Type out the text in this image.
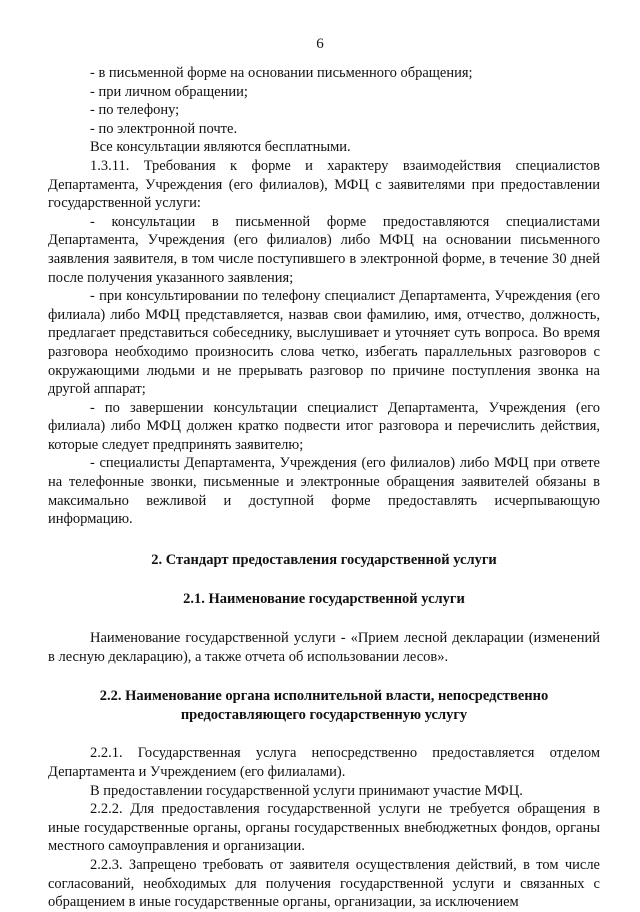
6

- в письменной форме на основании письменного обращения;

- при личном обращении;

- по телефону;

- по электронной почте.

Все консультации являются бесплатными.

1.3.11. Требования к форме и характеру взаимодействия специалистов Департамента, Учреждения (его филиалов), МФЦ с заявителями при предоставлении государственной услуги:

- консультации в письменной форме предоставляются специалистами Департамента, Учреждения (его филиалов) либо МФЦ на основании письменного заявления заявителя, в том числе поступившего в электронной форме, в течение 30 дней после получения указанного заявления;

- при консультировании по телефону специалист Департамента, Учреждения (его филиала) либо МФЦ представляется, назвав свои фамилию, имя, отчество, должность, предлагает представиться собеседнику, выслушивает и уточняет суть вопроса. Во время разговора необходимо произносить слова четко, избегать параллельных разговоров с окружающими людьми и не прерывать разговор по причине поступления звонка на другой аппарат;

- по завершении консультации специалист Департамента, Учреждения (его филиала) либо МФЦ должен кратко подвести итог разговора и перечислить действия, которые следует предпринять заявителю;

- специалисты Департамента, Учреждения (его филиалов) либо МФЦ при ответе на телефонные звонки, письменные и электронные обращения заявителей обязаны в максимально вежливой и доступной форме предоставлять исчерпывающую информацию.

2. Стандарт предоставления государственной услуги

2.1. Наименование государственной услуги

Наименование государственной услуги - «Прием лесной декларации (изменений в лесную декларацию), а также отчета об использовании лесов».

2.2. Наименование органа исполнительной власти, непосредственно
предоставляющего государственную услугу

2.2.1. Государственная услуга непосредственно предоставляется отделом Департамента и Учреждением (его филиалами).

В предоставлении государственной услуги принимают участие МФЦ.

2.2.2. Для предоставления государственной услуги не требуется обращения в иные государственные органы, органы государственных внебюджетных фондов, органы местного самоуправления и организации.

2.2.3. Запрещено требовать от заявителя осуществления действий, в том числе согласований, необходимых для получения государственной услуги и связанных с обращением в иные государственные органы, организации, за исключением
